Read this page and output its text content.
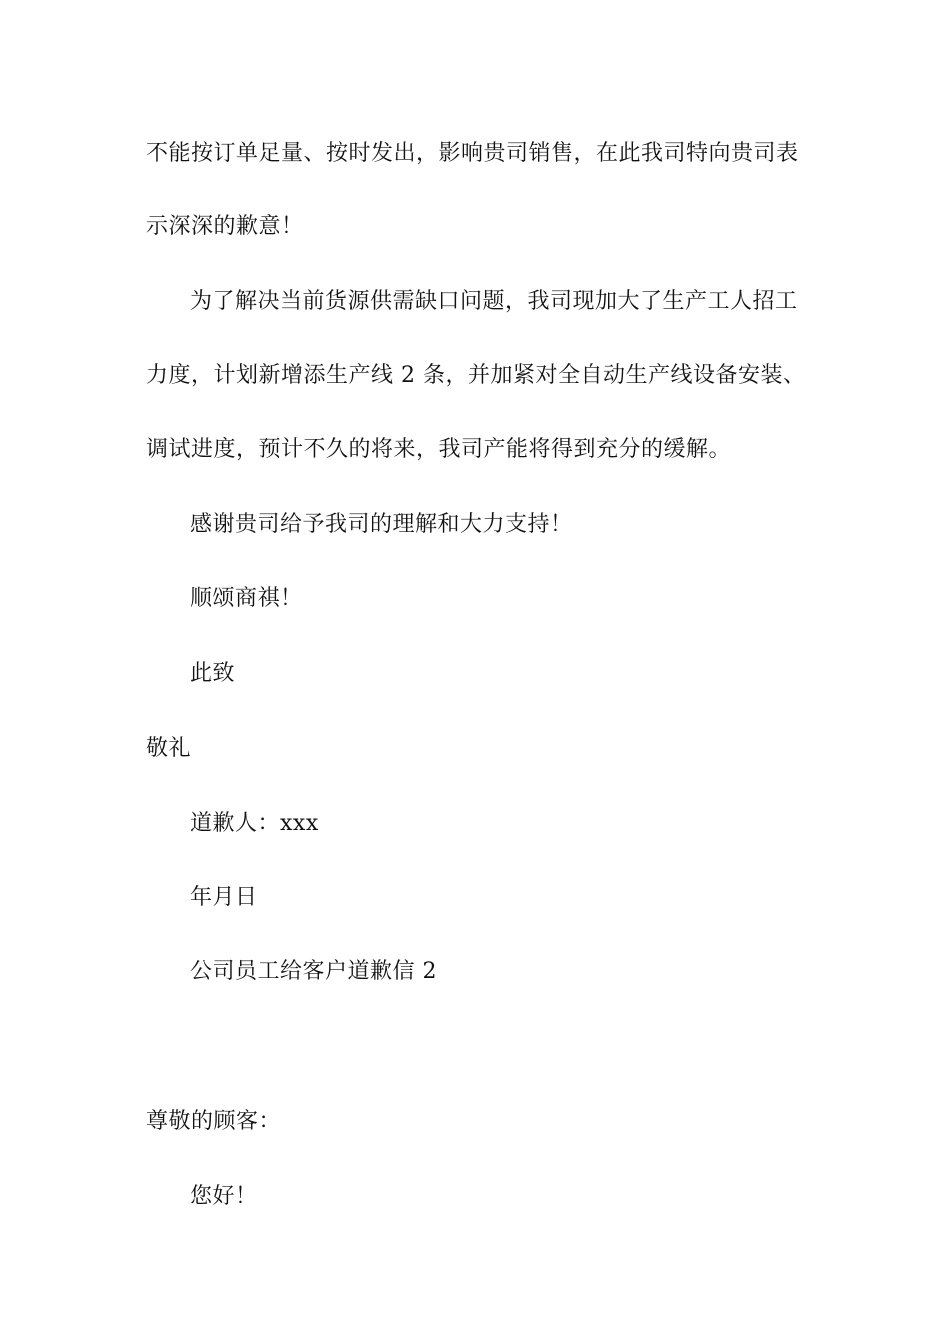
不能按订单足量、按时发出，影响贵司销售，在此我司特向贵司表
示深深的歉意！
为了解决当前货源供需缺口问题，我司现加大了生产工人招工
力度，计划新增添生产线 2 条，并加紧对全自动生产线设备安装、
调试进度，预计不久的将来，我司产能将得到充分的缓解。
感谢贵司给予我司的理解和大力支持！
顺颂商祺！
此致
敬礼
道歉人：xxx
年月日
公司员工给客户道歉信 2
尊敬的顾客：
您好！
